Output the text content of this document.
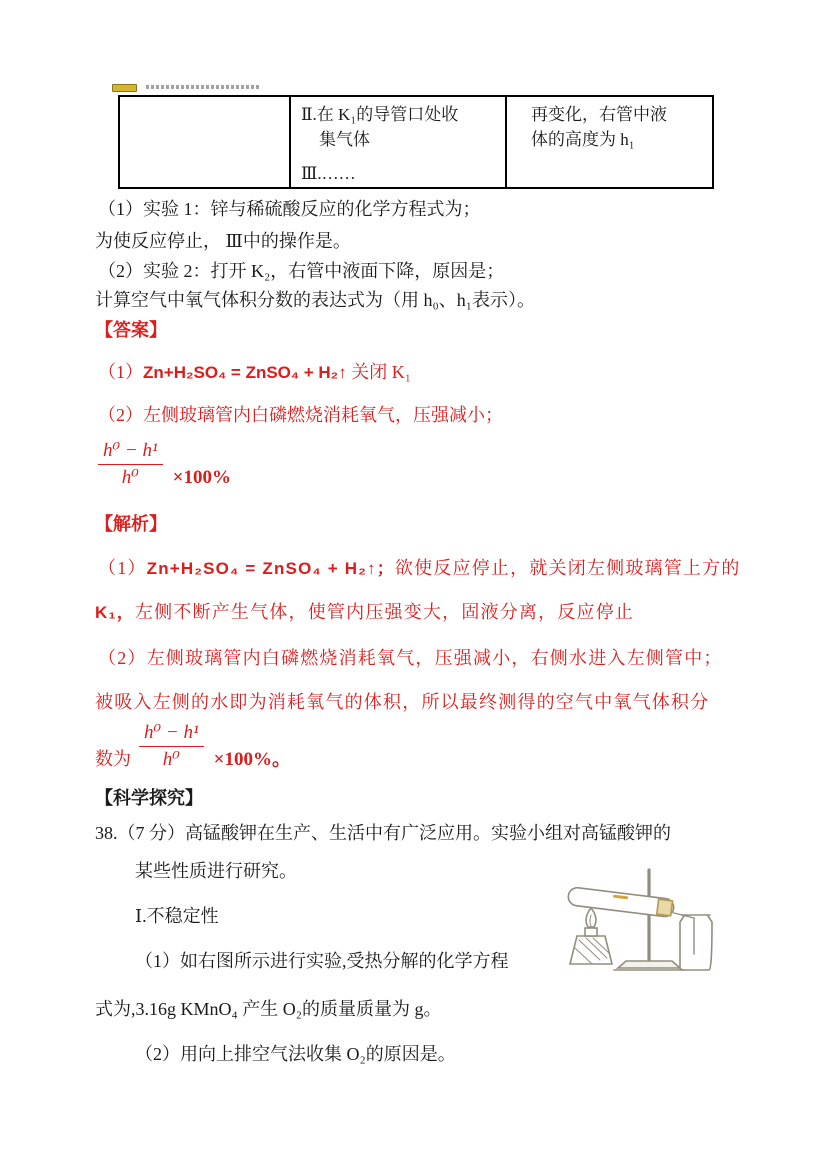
Ⅱ.在 K₁的导管口处收
集气体
Ⅲ.……
再变化，右管中液
体的高度为 h₁
（1）实验 1：锌与稀硫酸反应的化学方程式为；
为使反应停止， Ⅲ中的操作是。
（2）实验 2：打开 K₂，右管中液面下降，原因是；
计算空气中氧气体积分数的表达式为（用 h₀、h₁表示）。
【答案】
（1）Zn+H₂SO₄ = ZnSO₄ + H₂↑ 关闭 K₁
（2）左侧玻璃管内白磷燃烧消耗氧气，压强减小；
$\frac{\text{h⁰ − h¹}}{\text{h⁰}} \times 100\%$
【解析】
（1）Zn+H₂SO₄ = ZnSO₄ + H₂↑；欲使反应停止，就关闭左侧玻璃管上方的
K₁，左侧不断产生气体，使管内压强变大，固液分离，反应停止
（2）左侧玻璃管内白磷燃烧消耗氧气，压强减小，右侧水进入左侧管中；
被吸入左侧的水即为消耗氧气的体积，所以最终测得的空气中氧气体积分
数为 $\frac{\text{h⁰ − h¹}}{\text{h⁰}} \times 100\%$。
【科学探究】
38.（7 分）高锰酸钾在生产、生活中有广泛应用。实验小组对高锰酸钾的
某些性质进行研究。
Ⅰ.不稳定性
（1）如右图所示进行实验,受热分解的化学方程
式为,3.16g KMnO₄ 产生 O₂的质量质量为 g。
（2）用向上排空气法收集 O₂的原因是。
